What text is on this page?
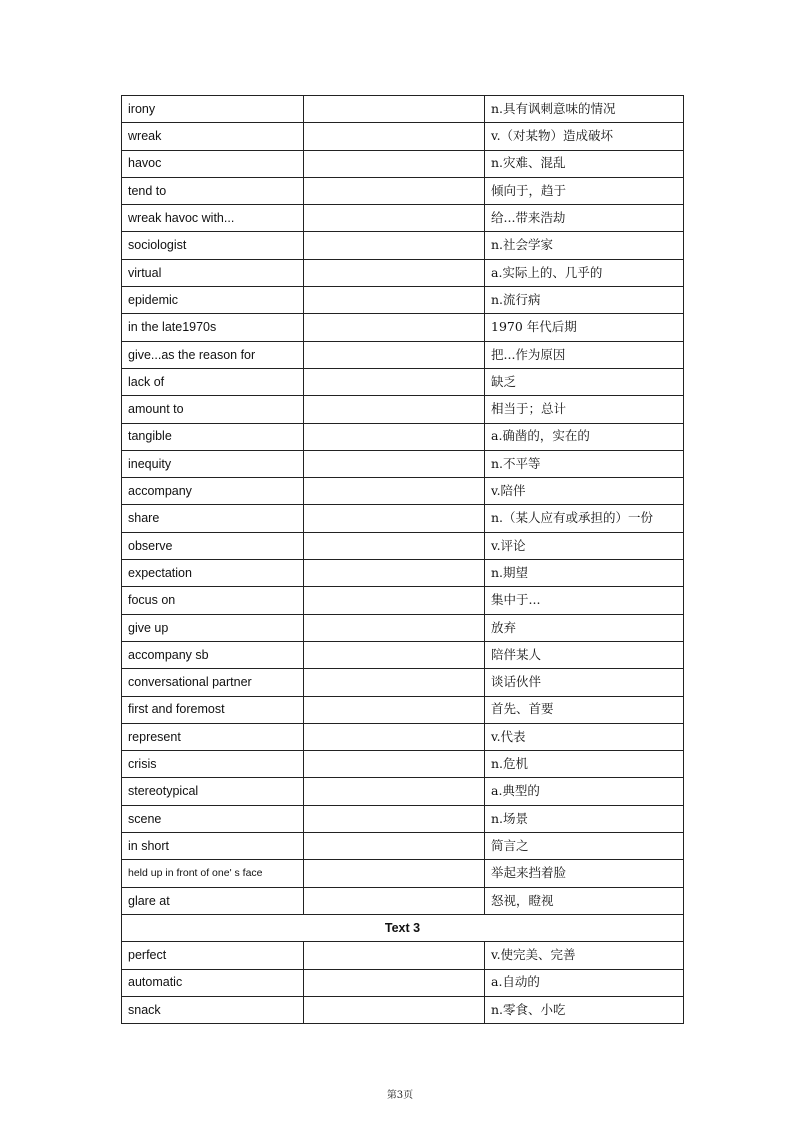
irony		n.具有讽刺意味的情况
wreak		v.（对某物）造成破坏
havoc		n.灾难、混乱
tend to		倾向于，趋于
wreak havoc with...		给...带来浩劫
sociologist		n.社会学家
virtual		a.实际上的、几乎的
epidemic		n.流行病
in the late1970s		1970 年代后期
give...as the reason for		把...作为原因
lack of		缺乏
amount to		相当于；总计
tangible		a.确凿的，实在的
inequity		n.不平等
accompany		v.陪伴
share		n.（某人应有或承担的）一份
observe		v.评论
expectation		n.期望
focus on		集中于...
give up		放弃
accompany sb		陪伴某人
conversational partner		谈话伙伴
first and foremost		首先、首要
represent		v.代表
crisis		n.危机
stereotypical		a.典型的
scene		n.场景
in short		简言之
held up in front of one' s face		举起来挡着脸
glare at		怒视，瞪视
Text 3		
perfect		v.使完美、完善
automatic		a.自动的
snack		n.零食、小吃
第3页
